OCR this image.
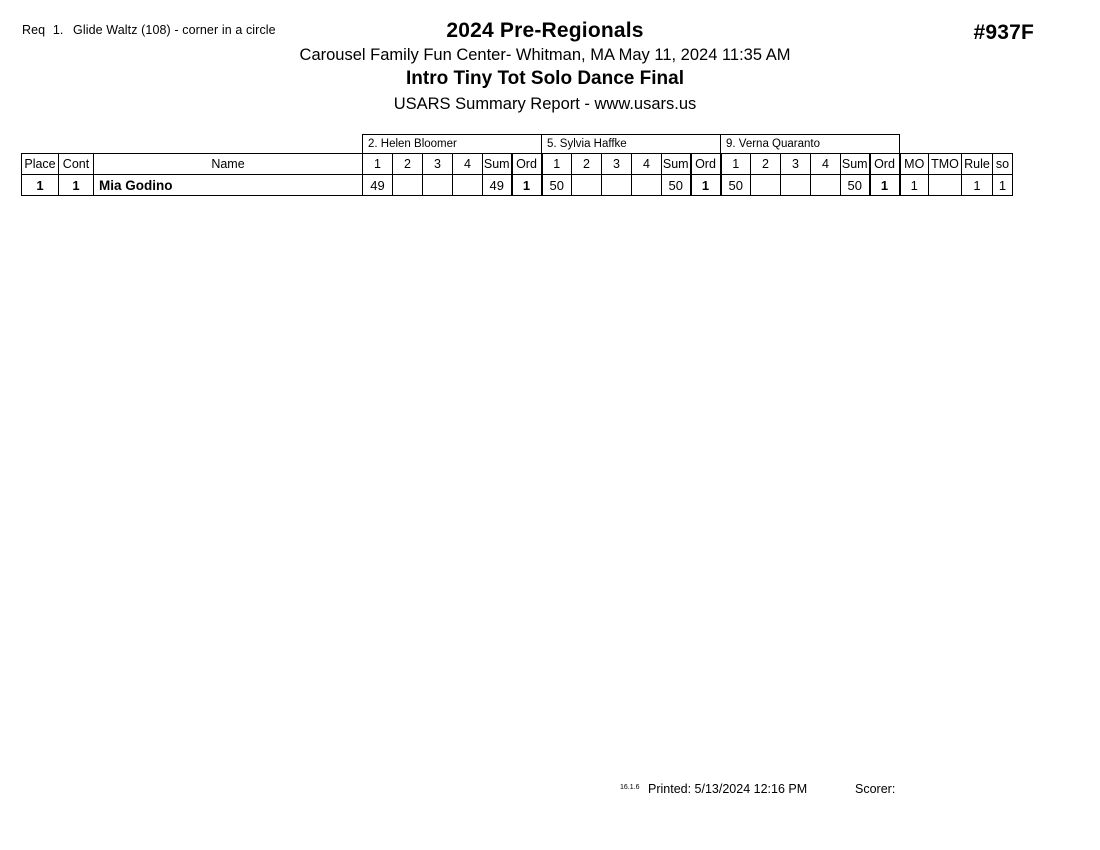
Req 1. Glide Waltz (108) - corner in a circle	#937F
2024 Pre-Regionals
Carousel Family Fun Center- Whitman, MA May 11, 2024 11:35 AM
Intro Tiny Tot Solo Dance Final
USARS Summary Report - www.usars.us
			2. Helen Bloomer						5. Sylvia Haffke						9. Verna Quaranto									
Place	Cont	Name	1	2	3	4	Sum	Ord	1	2	3	4	Sum	Ord	1	2	3	4	Sum	Ord	MO	TMO	Rule	so
1	1	Mia Godino	49				49	1	50				50	1	50				50	1	1		1	1
16.1.6 Printed: 5/13/2024 12:16 PM	Scorer:
